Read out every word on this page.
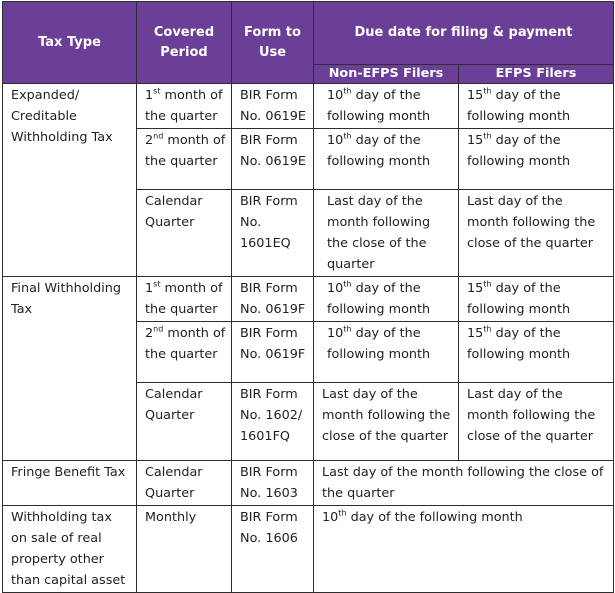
Tax Type	Covered Period	Form to Use	Due date for filing & payment	
			Non-EFPS Filers	EFPS Filers
Expanded/ Creditable Withholding Tax	1st month of the quarter	BIR Form No. 0619E	10th day of the following month	15th day of the following month
	2nd month of the quarter	BIR Form No. 0619E	10th day of the following month	15th day of the following month
	Calendar Quarter	BIR Form No. 1601EQ	Last day of the month following the close of the quarter	Last day of the month following the close of the quarter
Final Withholding Tax	1st month of the quarter	BIR Form No. 0619F	10th day of the following month	15th day of the following month
	2nd month of the quarter	BIR Form No. 0619F	10th day of the following month	15th day of the following month
	Calendar Quarter	BIR Form No. 1602/ 1601FQ	Last day of the month following the close of the quarter	Last day of the month following the close of the quarter
Fringe Benefit Tax	Calendar Quarter	BIR Form No. 1603	Last day of the month following the close of the quarter	
Withholding tax on sale of real property other than capital asset	Monthly	BIR Form No. 1606	10th day of the following month	
